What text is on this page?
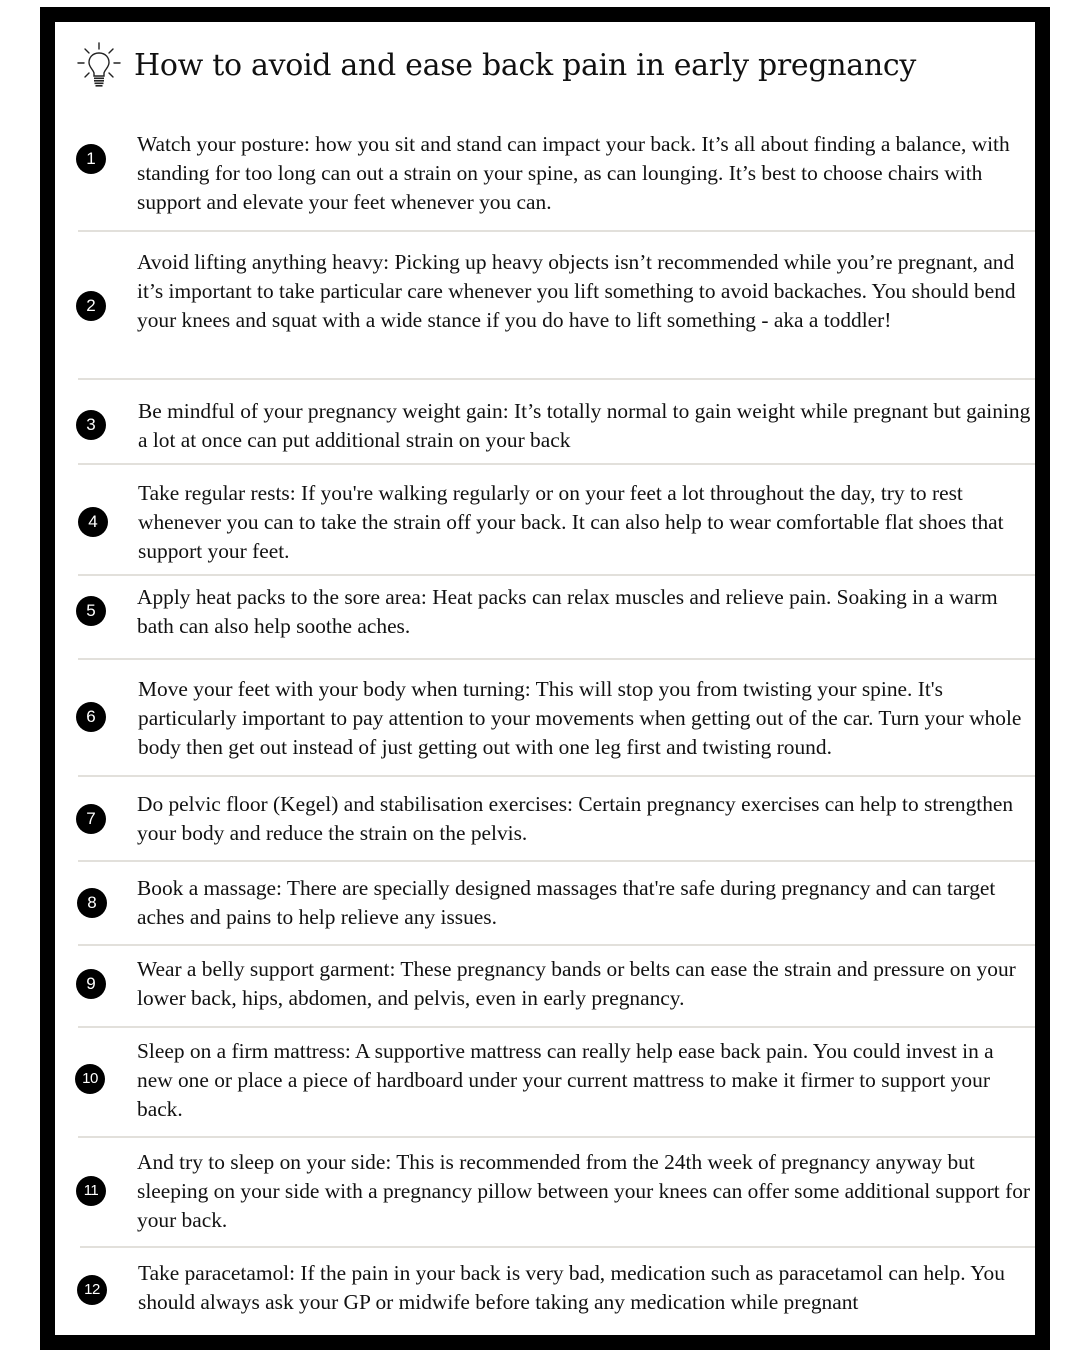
How to avoid and ease back pain in early pregnancy
1
Watch your posture: how you sit and stand can impact your back. It’s all about finding a balance, with standing for too long can out a strain on your spine, as can lounging. It’s best to choose chairs with support and elevate your feet whenever you can.
2
Avoid lifting anything heavy: Picking up heavy objects isn’t recommended while you’re pregnant, and it’s important to take particular care whenever you lift something to avoid backaches. You should bend your knees and squat with a wide stance if you do have to lift something - aka a toddler!
3
Be mindful of your pregnancy weight gain: It’s totally normal to gain weight while pregnant but gaining a lot at once can put additional strain on your back
4
Take regular rests: If you're walking regularly or on your feet a lot throughout the day, try to rest whenever you can to take the strain off your back. It can also help to wear comfortable flat shoes that support your feet.
5
Apply heat packs to the sore area: Heat packs can relax muscles and relieve pain. Soaking in a warm bath can also help soothe aches.
6
Move your feet with your body when turning: This will stop you from twisting your spine. It's particularly important to pay attention to your movements when getting out of the car. Turn your whole body then get out instead of just getting out with one leg first and twisting round.
7
Do pelvic floor (Kegel) and stabilisation exercises: Certain pregnancy exercises can help to strengthen your body and reduce the strain on the pelvis.
8
Book a massage: There are specially designed massages that're safe during pregnancy and can target aches and pains to help relieve any issues.
9
Wear a belly support garment: These pregnancy bands or belts can ease the strain and pressure on your lower back, hips, abdomen, and pelvis, even in early pregnancy.
10
Sleep on a firm mattress: A supportive mattress can really help ease back pain. You could invest in a new one or place a piece of hardboard under your current mattress to make it firmer to support your back.
11
And try to sleep on your side: This is recommended from the 24th week of pregnancy anyway but sleeping on your side with a pregnancy pillow between your knees can offer some additional support for your back.
12
Take paracetamol: If the pain in your back is very bad, medication such as paracetamol can help. You should always ask your GP or midwife before taking any medication while pregnant
